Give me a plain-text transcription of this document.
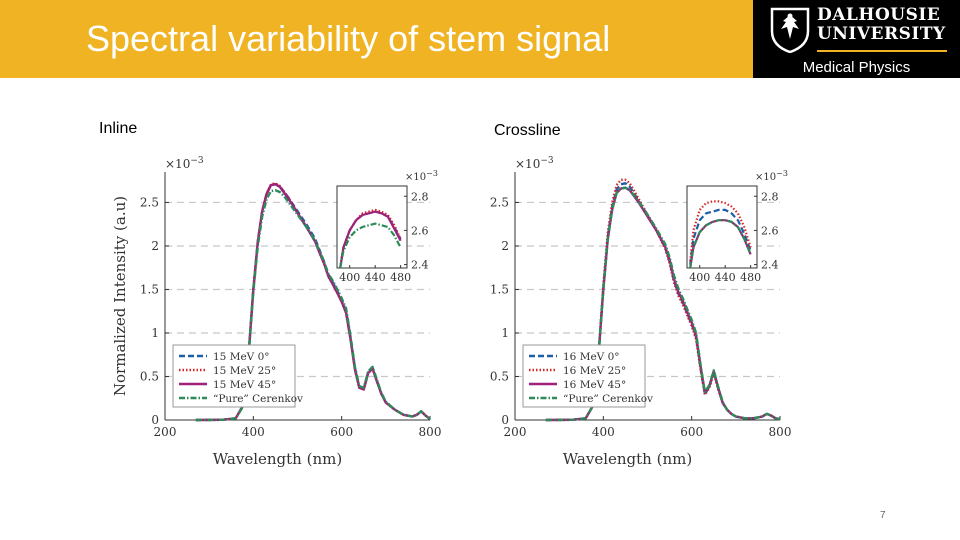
Spectral variability of stem signal
DALHOUSIE
UNIVERSITY
Medical Physics
Inline	Crossline
0
0.5
1
1.5
2
2.5
200	400	600	800
$\times 10^{-3}$
Wavelength (nm)
Normalized Intensity (a.u)	400 440 480
2.4
2.6
2.8
$\times 10^{-3}$
15 MeV 0°
15 MeV 25°
15 MeV 45°
“Pure” Cerenkov
0
0.5
1
1.5
2
2.5
200	400	600	800
$\times 10^{-3}$
Wavelength (nm)
400 440 480
2.4
2.6
2.8
$\times 10^{-3}$
16 MeV 0°
16 MeV 25°
16 MeV 45°
“Pure” Cerenkov
7
